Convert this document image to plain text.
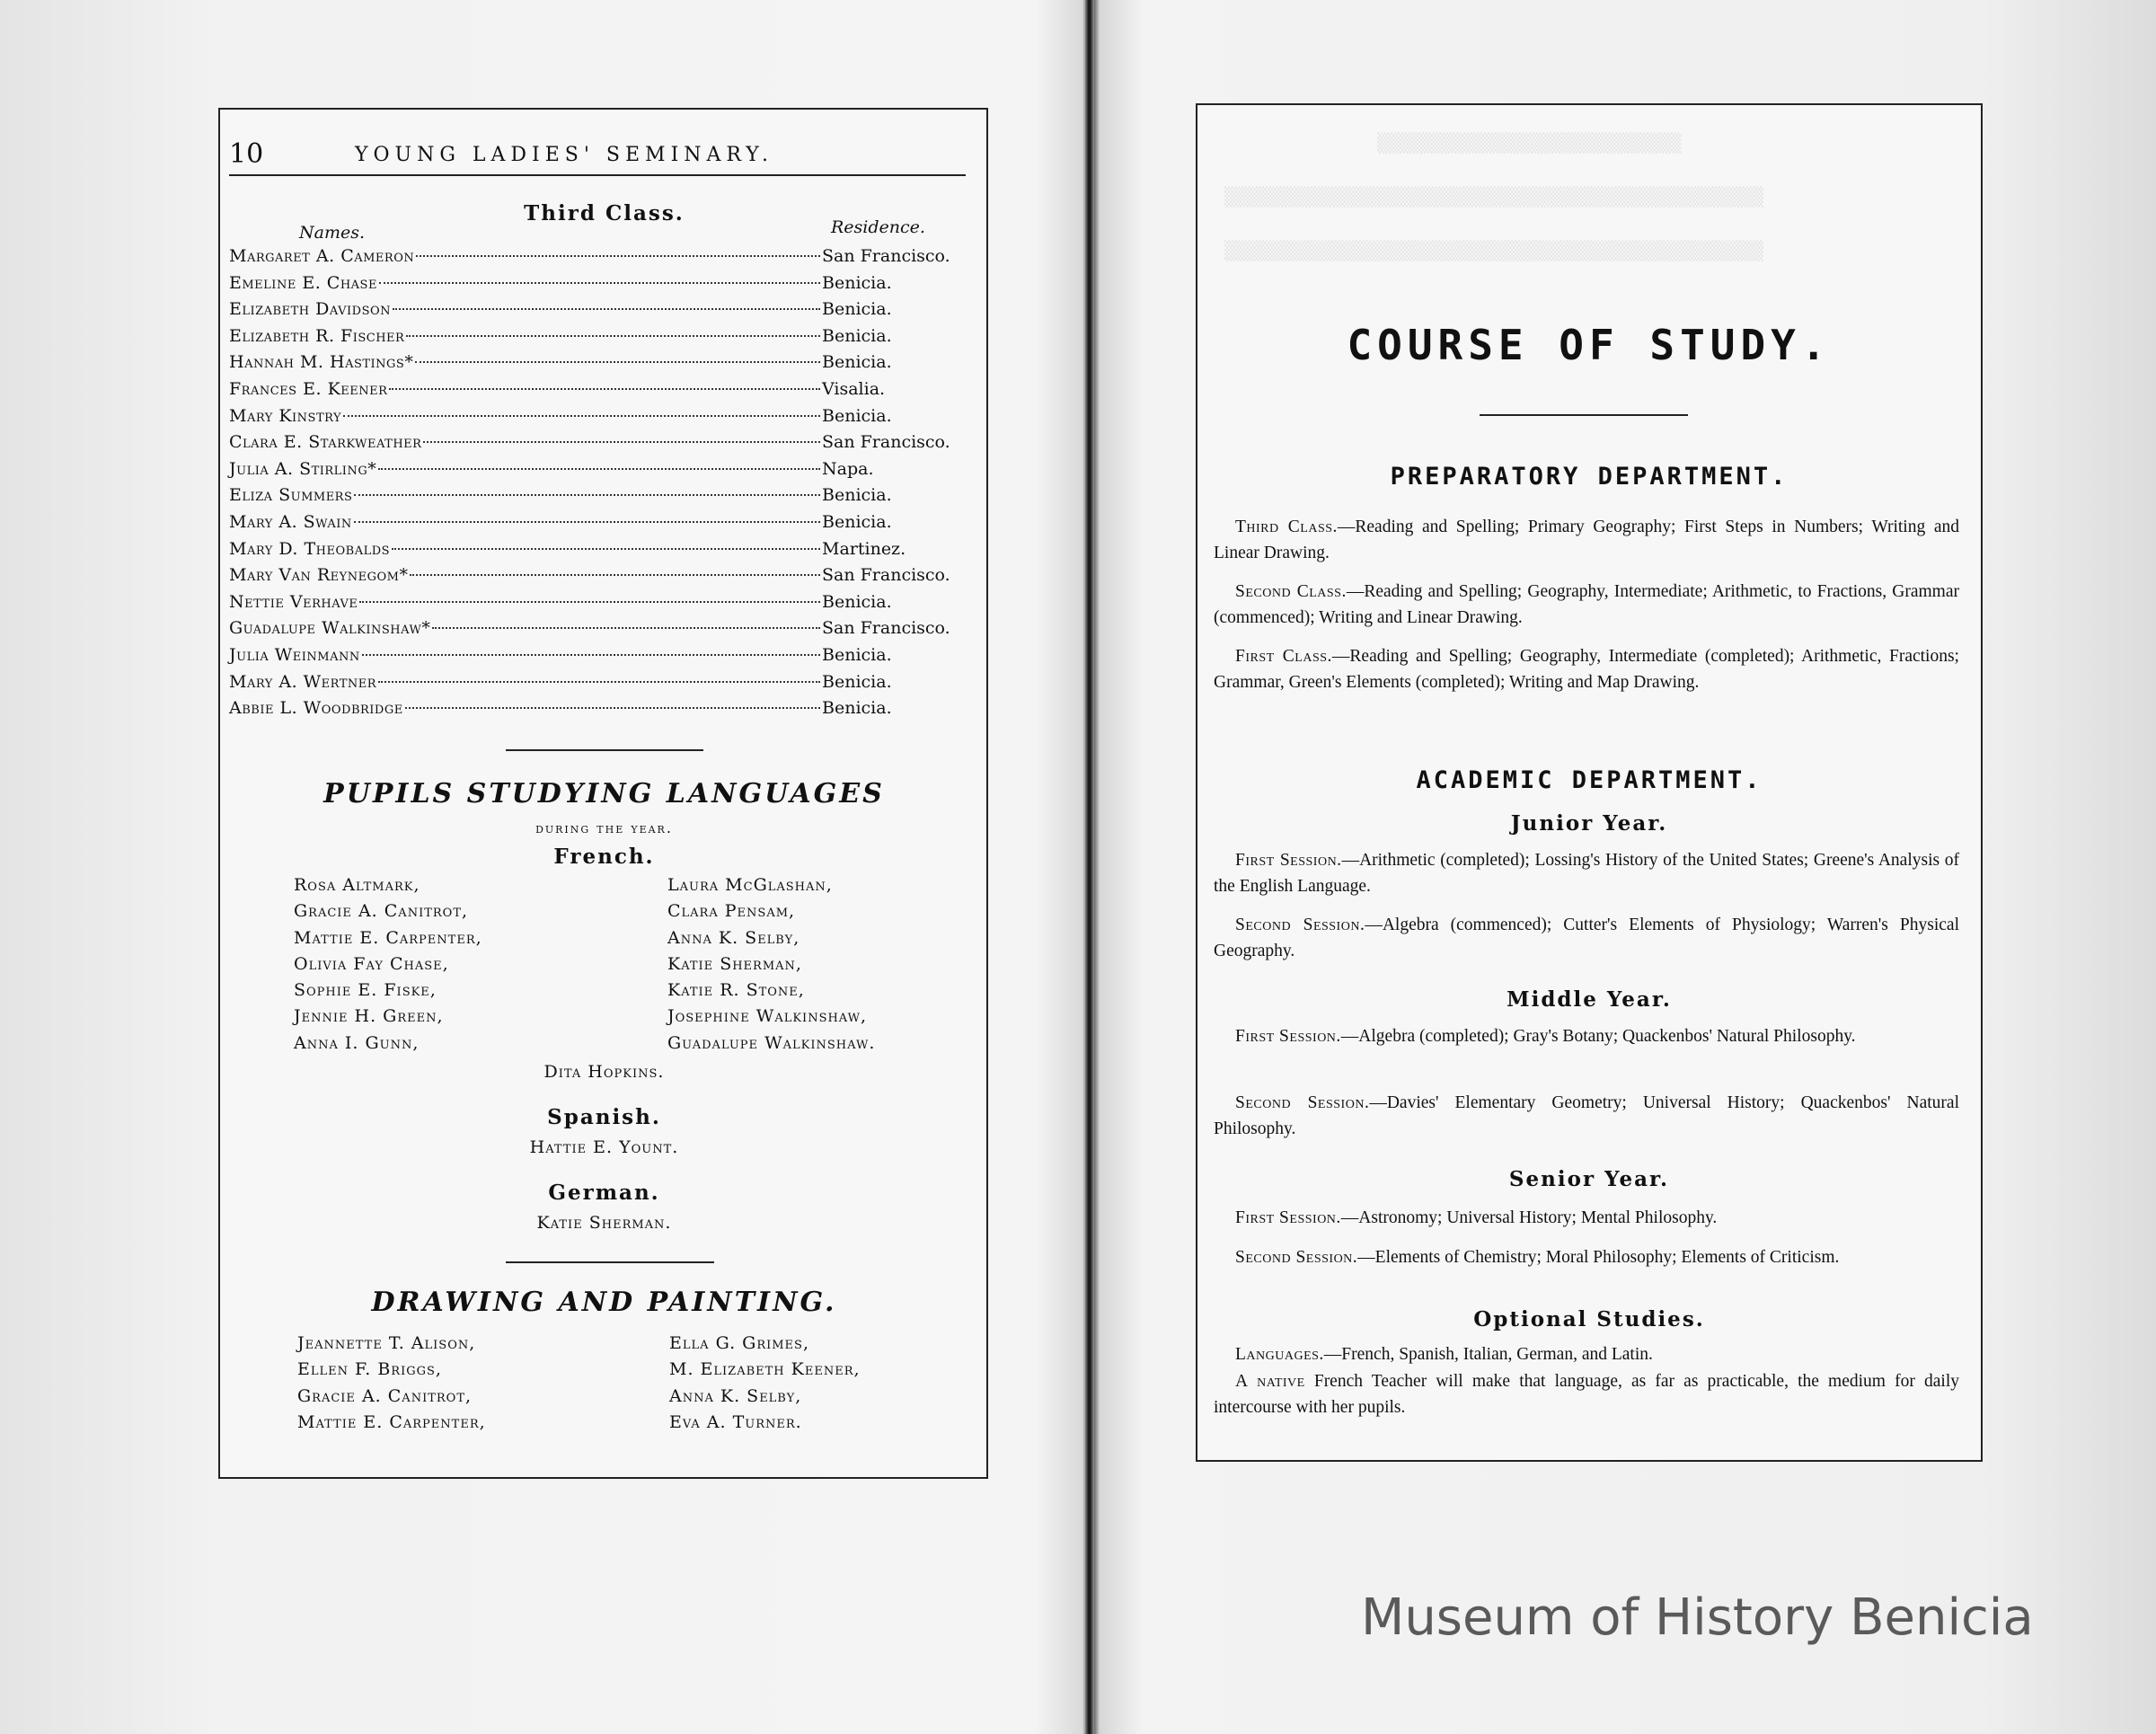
10	YOUNG LADIES' SEMINARY.
Third Class.
Names.	Residence.
Margaret A. Cameron	San Francisco.
Emeline E. Chase	Benicia.
Elizabeth Davidson	Benicia.
Elizabeth R. Fischer	Benicia.
Hannah M. Hastings*	Benicia.
Frances E. Keener	Visalia.
Mary Kinstry	Benicia.
Clara E. Starkweather	San Francisco.
Julia A. Stirling*	Napa.
Eliza Summers	Benicia.
Mary A. Swain	Benicia.
Mary D. Theobalds	Martinez.
Mary Van Reynegom*	San Francisco.
Nettie Verhave	Benicia.
Guadalupe Walkinshaw*	San Francisco.
Julia Weinmann	Benicia.
Mary A. Wertner	Benicia.
Abbie L. Woodbridge	Benicia.
PUPILS STUDYING LANGUAGES
during the year.
French.
Rosa Altmark,
Gracie A. Canitrot,
Mattie E. Carpenter,
Olivia Fay Chase,
Sophie E. Fiske,
Jennie H. Green,
Anna I. Gunn,
Laura McGlashan,
Clara Pensam,
Anna K. Selby,
Katie Sherman,
Katie R. Stone,
Josephine Walkinshaw,
Guadalupe Walkinshaw.
Dita Hopkins.
Spanish.
Hattie E. Yount.
German.
Katie Sherman.
DRAWING AND PAINTING.
Jeannette T. Alison,
Ellen F. Briggs,
Gracie A. Canitrot,
Mattie E. Carpenter,
Ella G. Grimes,
M. Elizabeth Keener,
Anna K. Selby,
Eva A. Turner.
▒▒▒▒▒▒▒▒▒▒▒▒▒▒▒▒▒▒▒▒▒▒
▒▒▒▒▒▒▒▒▒▒▒▒▒▒▒▒▒▒▒▒▒▒▒▒▒▒▒▒▒▒▒▒▒▒▒▒▒▒▒
▒▒▒▒▒▒▒▒▒▒▒▒▒▒▒▒▒▒▒▒▒▒▒▒▒▒▒▒▒▒▒▒▒▒▒▒▒▒▒
COURSE OF STUDY.
PREPARATORY DEPARTMENT.
Third Class.—Reading and Spelling; Primary Geography; First Steps in Numbers; Writing and Linear Drawing.
Second Class.—Reading and Spelling; Geography, Intermediate; Arithmetic, to Fractions, Grammar (commenced); Writing and Linear Drawing.
First Class.—Reading and Spelling; Geography, Intermediate (completed); Arithmetic, Fractions; Grammar, Green's Elements (completed); Writing and Map Drawing.
ACADEMIC DEPARTMENT.
Junior Year.
First Session.—Arithmetic (completed); Lossing's History of the United States; Greene's Analysis of the English Language.
Second Session.—Algebra (commenced); Cutter's Elements of Physiology; Warren's Physical Geography.
Middle Year.
First Session.—Algebra (completed); Gray's Botany; Quackenbos' Natural Philosophy.
Second Session.—Davies' Elementary Geometry; Universal History; Quackenbos' Natural Philosophy.
Senior Year.
First Session.—Astronomy; Universal History; Mental Philosophy.
Second Session.—Elements of Chemistry; Moral Philosophy; Elements of Criticism.
Optional Studies.
Languages.—French, Spanish, Italian, German, and Latin.
A native French Teacher will make that language, as far as practicable, the medium for daily intercourse with her pupils.
Museum of History Benicia
